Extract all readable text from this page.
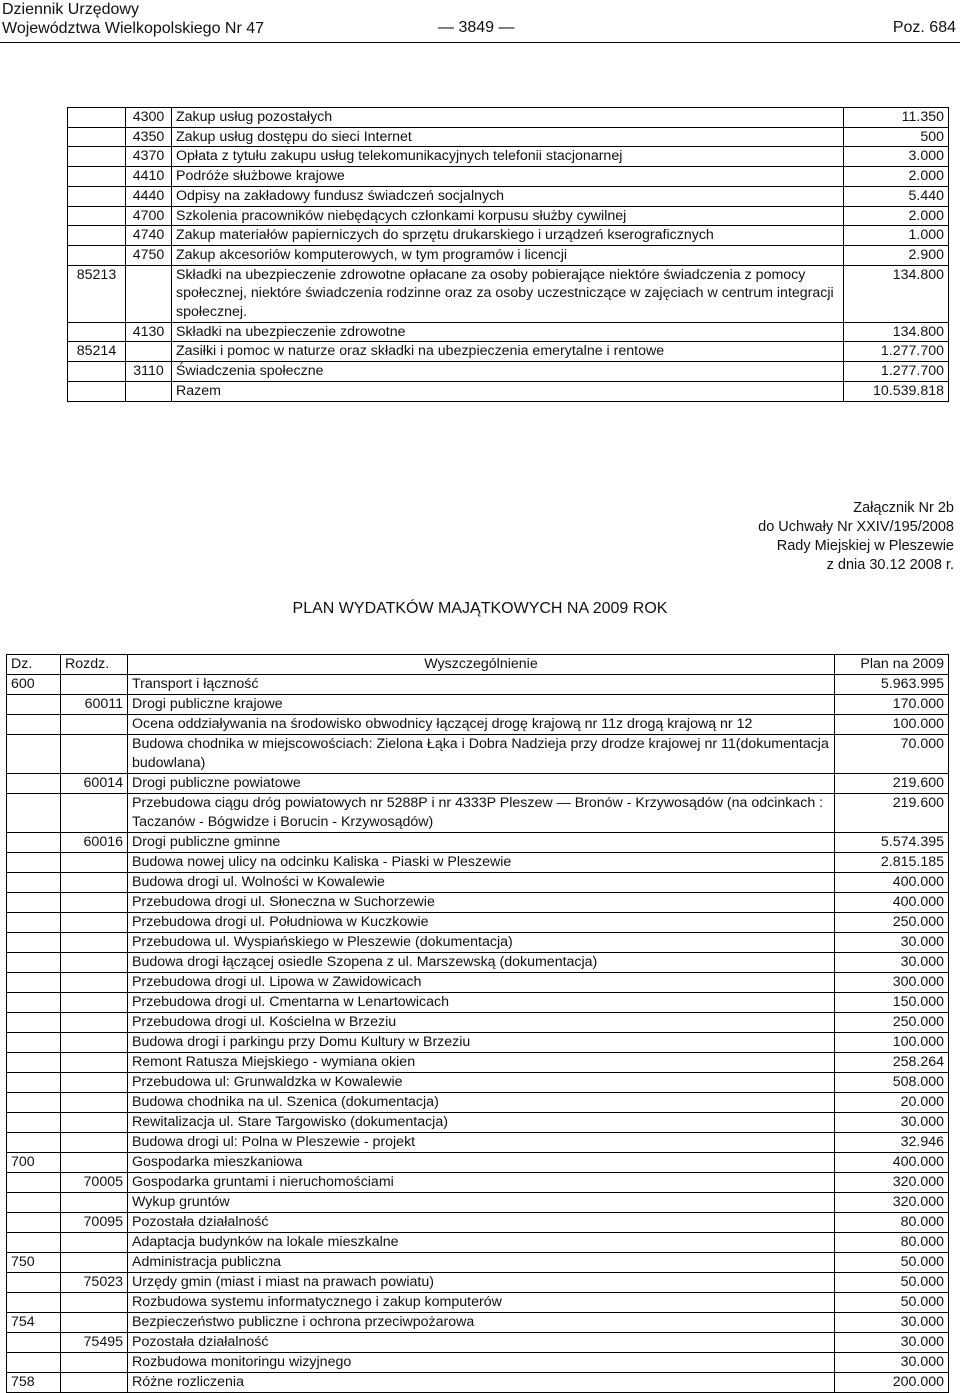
Dziennik Urzędowy
Województwa Wielkopolskiego Nr 47	— 3849 —	Poz. 684
	4300	Zakup usług pozostałych	11.350
	4350	Zakup usług dostępu do sieci Internet	500
	4370	Opłata z tytułu zakupu usług telekomunikacyjnych telefonii stacjonarnej	3.000
	4410	Podróże służbowe krajowe	2.000
	4440	Odpisy na zakładowy fundusz świadczeń socjalnych	5.440
	4700	Szkolenia pracowników niebędących członkami korpusu służby cywilnej	2.000
	4740	Zakup materiałów papierniczych do sprzętu drukarskiego i urządzeń kserograficznych	1.000
	4750	Zakup akcesoriów komputerowych, w tym programów i licencji	2.900
85213		Składki na ubezpieczenie zdrowotne opłacane za osoby pobierające niektóre świadczenia z pomocy społecznej, niektóre świadczenia rodzinne oraz za osoby uczestniczące w zajęciach w centrum integracji społecznej.	134.800
	4130	Składki na ubezpieczenie zdrowotne	134.800
85214		Zasiłki i pomoc w naturze oraz składki na ubezpieczenia emerytalne i rentowe	1.277.700
	3110	Świadczenia społeczne	1.277.700
		Razem	10.539.818
Załącznik Nr 2b
do Uchwały Nr XXIV/195/2008
Rady Miejskiej w Pleszewie
z dnia 30.12 2008 r.
PLAN WYDATKÓW MAJĄTKOWYCH NA 2009 ROK
Dz.	Rozdz.	Wyszczególnienie	Plan na 2009
600		Transport i łączność	5.963.995
	60011	Drogi publiczne krajowe	170.000
		Ocena oddziaływania na środowisko obwodnicy łączącej drogę krajową nr 11z drogą krajową nr 12	100.000
		Budowa chodnika w miejscowościach: Zielona Łąka i Dobra Nadzieja przy drodze krajowej nr 11(dokumentacja budowlana)	70.000
	60014	Drogi publiczne powiatowe	219.600
		Przebudowa ciągu dróg powiatowych nr 5288P i nr 4333P Pleszew — Bronów - Krzywosądów (na odcinkach : Taczanów - Bógwidze i Borucin - Krzywosądów)	219.600
	60016	Drogi publiczne gminne	5.574.395
		Budowa nowej ulicy na odcinku Kaliska - Piaski w Pleszewie	2.815.185
		Budowa drogi ul. Wolności w Kowalewie	400.000
		Przebudowa drogi ul. Słoneczna w Suchorzewie	400.000
		Przebudowa drogi ul. Południowa w Kuczkowie	250.000
		Przebudowa ul. Wyspiańskiego w Pleszewie (dokumentacja)	30.000
		Budowa drogi łączącej osiedle Szopena z ul. Marszewską (dokumentacja)	30.000
		Przebudowa drogi ul. Lipowa w Zawidowicach	300.000
		Przebudowa drogi ul. Cmentarna w Lenartowicach	150.000
		Przebudowa drogi ul. Kościelna w Brzeziu	250.000
		Budowa drogi i parkingu przy Domu Kultury w Brzeziu	100.000
		Remont Ratusza Miejskiego - wymiana okien	258.264
		Przebudowa ul: Grunwaldzka w Kowalewie	508.000
		Budowa chodnika na ul. Szenica (dokumentacja)	20.000
		Rewitalizacja ul. Stare Targowisko (dokumentacja)	30.000
		Budowa drogi ul: Polna w Pleszewie - projekt	32.946
700		Gospodarka mieszkaniowa	400.000
	70005	Gospodarka gruntami i nieruchomościami	320.000
		Wykup gruntów	320.000
	70095	Pozostała działalność	80.000
		Adaptacja budynków na lokale mieszkalne	80.000
750		Administracja publiczna	50.000
	75023	Urzędy gmin (miast i miast na prawach powiatu)	50.000
		Rozbudowa systemu informatycznego i zakup komputerów	50.000
754		Bezpieczeństwo publiczne i ochrona przeciwpożarowa	30.000
	75495	Pozostała działalność	30.000
		Rozbudowa monitoringu wizyjnego	30.000
758		Różne rozliczenia	200.000
